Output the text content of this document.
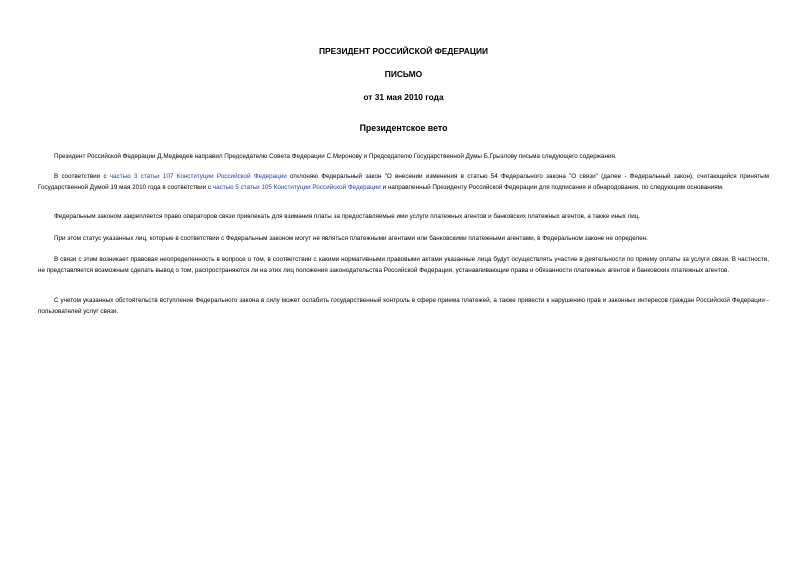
ПРЕЗИДЕНТ РОССИЙСКОЙ ФЕДЕРАЦИИ
ПИСЬМО
от 31 мая 2010 года
Президентское вето

Президент Российской Федерации Д.Медведев направил Председателю Совета Федерации С.Миронову и Председателю Государственной Думы Б.Грызлову письма следующего содержания.

В соответствии с частью 3 статьи 107 Конституции Российской Федерации отклоняю Федеральный закон "О внесении изменения в статью 54 Федерального закона "О связи" (далее - Федеральный закон), считающийся принятым Государственной Думой 19 мая 2010 года в соответствии с частью 5 статьи 105 Конституции Российской Федерации и направленный Президенту Российской Федерации для подписания и обнародования, по следующим основаниям.

Федеральным законом закрепляется право операторов связи привлекать для взимания платы за предоставляемые ими услуги платежных агентов и банковских платежных агентов, а также иных лиц.

При этом статус указанных лиц, которые в соответствии с Федеральным законом могут не являться платежными агентами или банковскими платежными агентами, в Федеральном законе не определен.

В связи с этим возникает правовая неопределенность в вопросе о том, в соответствии с какими нормативными правовыми актами указанные лица будут осуществлять участие в деятельности по приему оплаты за услуги связи. В частности, не представляется возможным сделать вывод о том, распространяются ли на этих лиц положения законодательства Российской Федерации, устанавливающие права и обязанности платежных агентов и банковских платежных агентов.

С учетом указанных обстоятельств вступление Федерального закона в силу может ослабить государственный контроль в сфере приема платежей, а также привести к нарушению прав и законных интересов граждан Российской Федерации - пользователей услуг связи.
